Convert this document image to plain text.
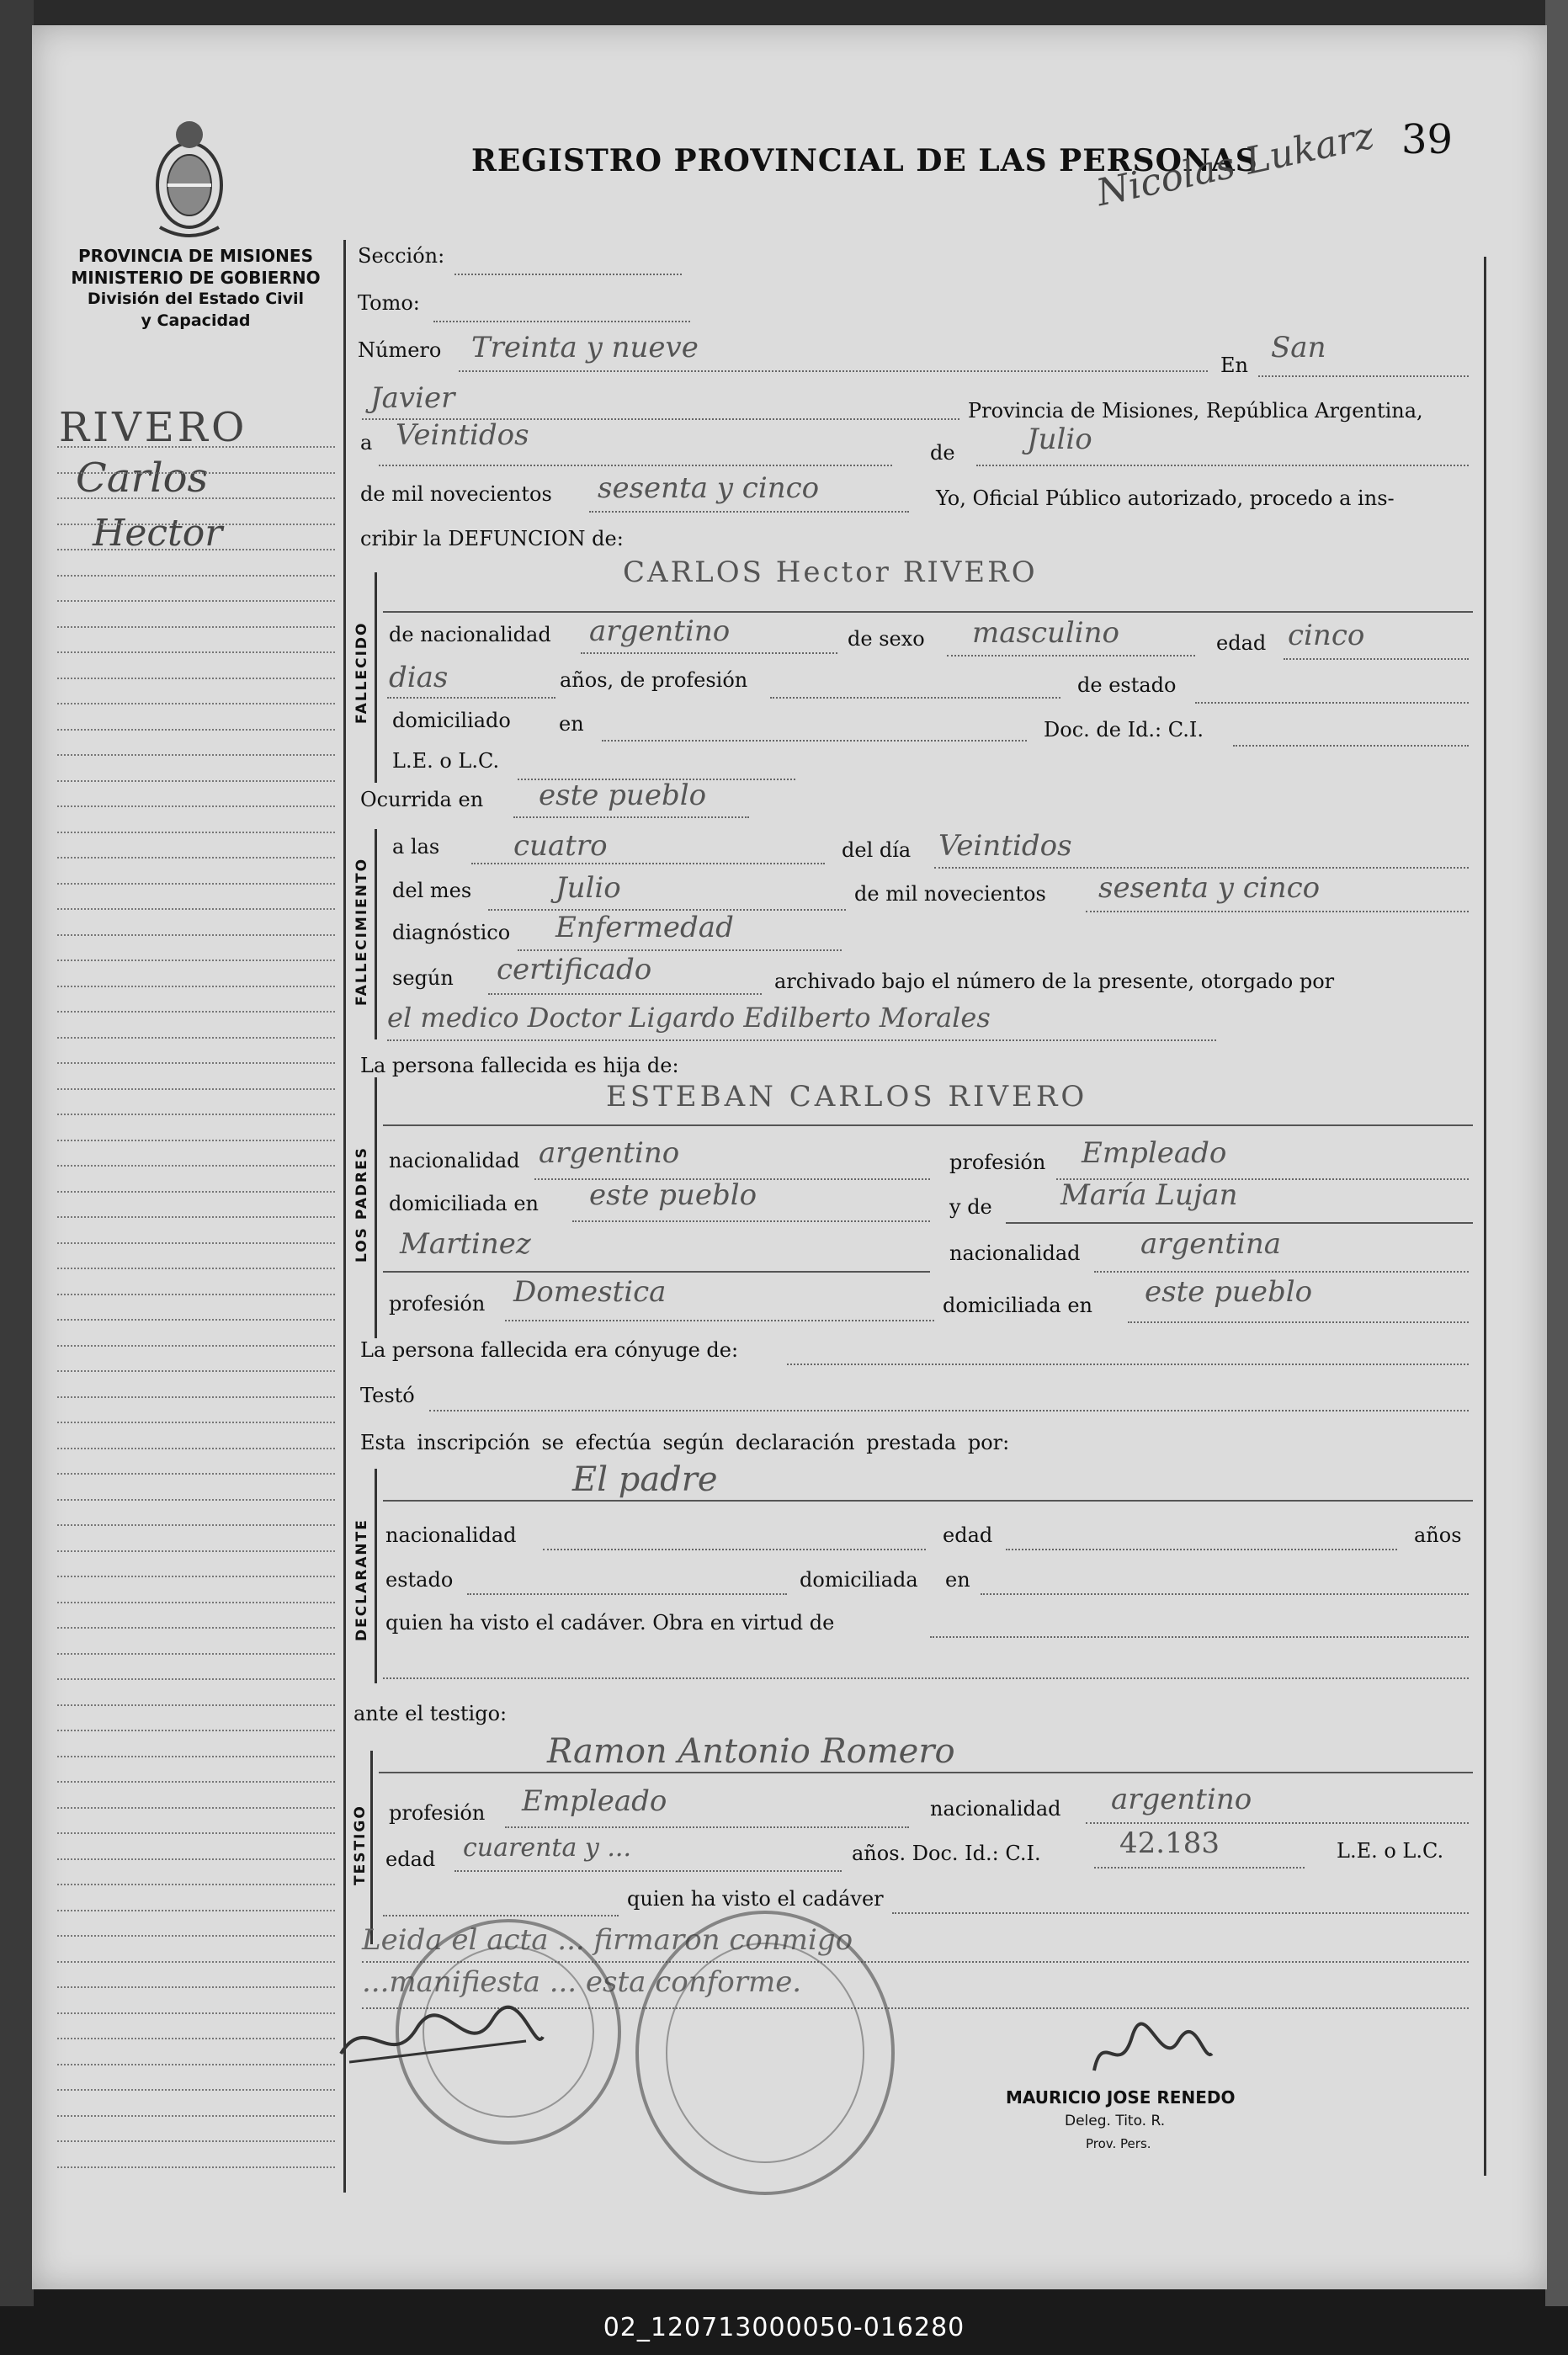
REGISTRO PROVINCIAL DE LAS PERSONAS	39
Nicolas Lukarz
PROVINCIA DE MISIONES
MINISTERIO DE GOBIERNO
División del Estado Civil
y Capacidad
RIVERO
Carlos
Hector
Sección:
Tomo:
Número Treinta y nueve
En
San
Javier	Provincia de Misiones, República Argentina,
a Veintidos
de	Julio
de mil novecientos sesenta y cinco	Yo, Oficial Público autorizado, procedo a ins-
cribir la DEFUNCION de:
FALLECIDO
CARLOS Hector RIVERO
de nacionalidad argentino	de sexo masculino	edad cinco
dias	años, de profesión	de estado
domiciliado en	Doc. de Id.: C.I.
L.E. o L.C.
Ocurrida en este pueblo
FALLECIMIENTO
a las	cuatro	del día Veintidos
del mes	Julio	de mil novecientos sesenta y cinco
diagnóstico Enfermedad
según certificado	archivado bajo el número de la presente, otorgado por
el medico Doctor Ligardo Edilberto Morales
La persona fallecida es hija de:
LOS PADRES
ESTEBAN CARLOS RIVERO
nacionalidad argentino	profesión Empleado
domiciliada en este pueblo	y de María Lujan
Martinez	nacionalidad argentina
profesión Domestica	domiciliada en este pueblo
La persona fallecida era cónyuge de:
Testó
Esta inscripción se efectúa según declaración prestada por:
DECLARANTE
El padre
nacionalidad	edad	años
estado	domiciliada en
quien ha visto el cadáver. Obra en virtud de
ante el testigo:
TESTIGO
Ramon Antonio Romero
profesión Empleado	nacionalidad argentino
edad cuarenta y ...	años. Doc. Id.: C.I.	42.183	L.E. o L.C.
quien ha visto el cadáver
Leida el acta ... firmaron conmigo
...manifiesta ... esta conforme.
MAURICIO JOSE RENEDO
Deleg. Tito. R.
Prov. Pers.
02_120713000050-016280
